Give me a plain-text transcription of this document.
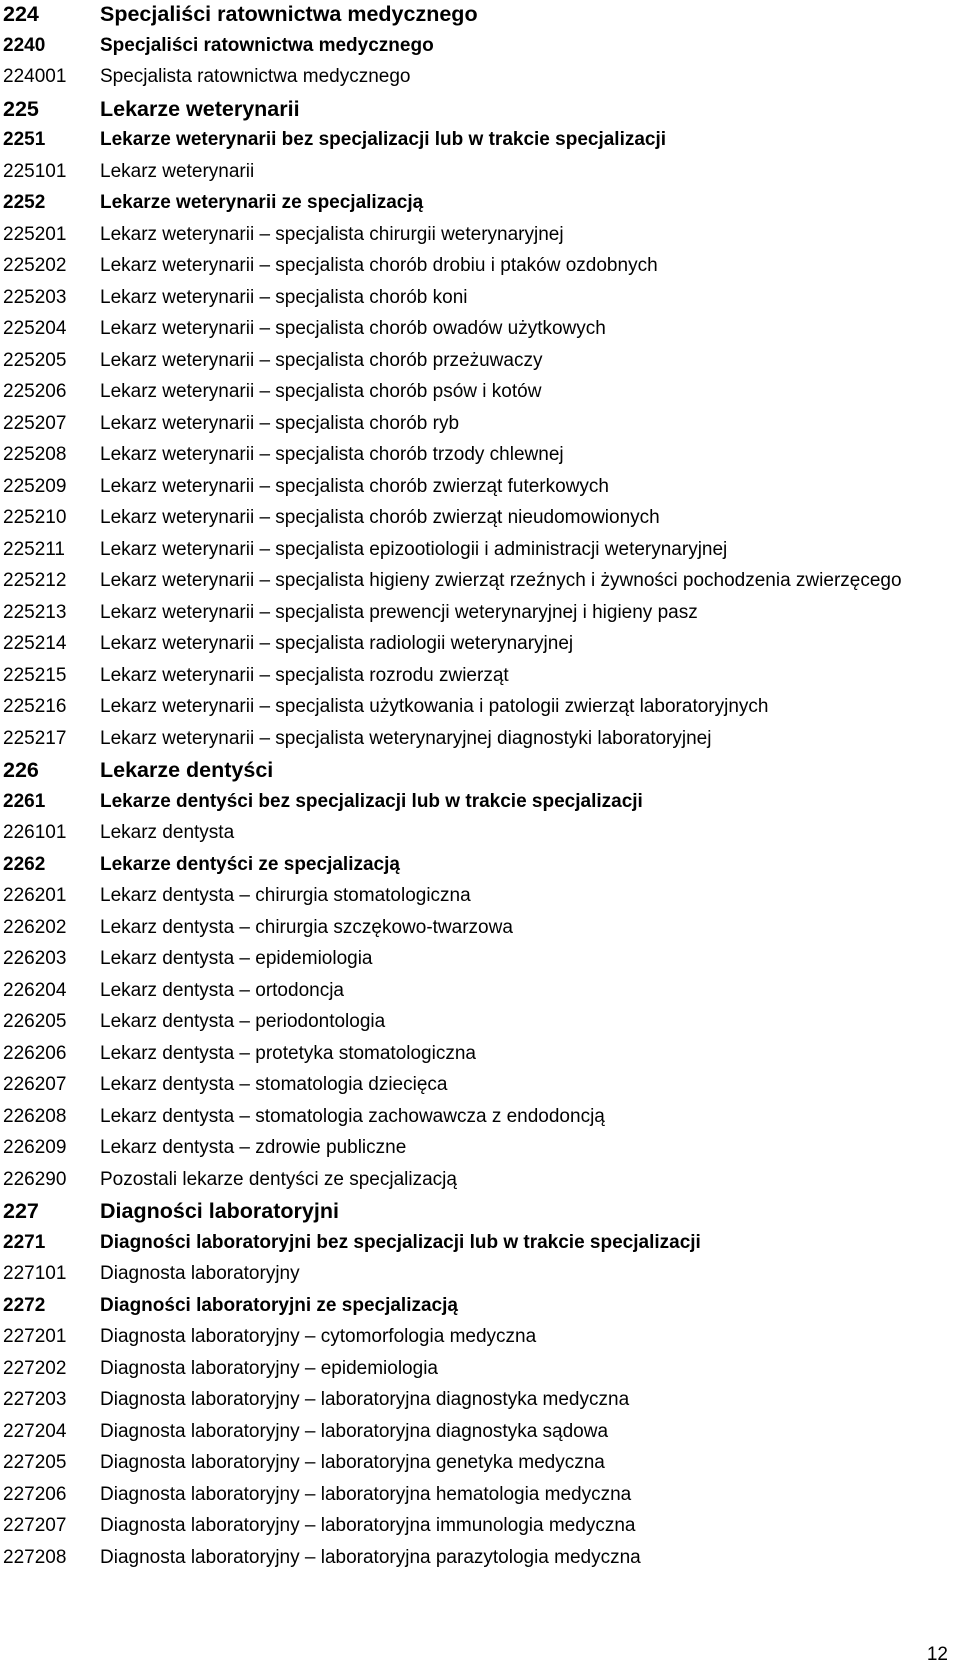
224	Specjaliści ratownictwa medycznego
2240	Specjaliści ratownictwa medycznego
224001	Specjalista ratownictwa medycznego
225	Lekarze weterynarii
2251	Lekarze weterynarii bez specjalizacji lub w trakcie specjalizacji
225101	Lekarz weterynarii
2252	Lekarze weterynarii ze specjalizacją
225201	Lekarz weterynarii – specjalista chirurgii weterynaryjnej
225202	Lekarz weterynarii – specjalista chorób drobiu i ptaków ozdobnych
225203	Lekarz weterynarii – specjalista chorób koni
225204	Lekarz weterynarii – specjalista chorób owadów użytkowych
225205	Lekarz weterynarii – specjalista chorób przeżuwaczy
225206	Lekarz weterynarii – specjalista chorób psów i kotów
225207	Lekarz weterynarii – specjalista chorób ryb
225208	Lekarz weterynarii – specjalista chorób trzody chlewnej
225209	Lekarz weterynarii – specjalista chorób zwierząt futerkowych
225210	Lekarz weterynarii – specjalista chorób zwierząt nieudomowionych
225211	Lekarz weterynarii – specjalista epizootiologii i administracji weterynaryjnej
225212	Lekarz weterynarii – specjalista higieny zwierząt rzeźnych i żywności pochodzenia zwierzęcego
225213	Lekarz weterynarii – specjalista prewencji weterynaryjnej i higieny pasz
225214	Lekarz weterynarii – specjalista radiologii weterynaryjnej
225215	Lekarz weterynarii – specjalista rozrodu zwierząt
225216	Lekarz weterynarii – specjalista użytkowania i patologii zwierząt laboratoryjnych
225217	Lekarz weterynarii – specjalista weterynaryjnej diagnostyki laboratoryjnej
226	Lekarze dentyści
2261	Lekarze dentyści bez specjalizacji lub w trakcie specjalizacji
226101	Lekarz dentysta
2262	Lekarze dentyści ze specjalizacją
226201	Lekarz dentysta – chirurgia stomatologiczna
226202	Lekarz dentysta – chirurgia szczękowo-twarzowa
226203	Lekarz dentysta – epidemiologia
226204	Lekarz dentysta – ortodoncja
226205	Lekarz dentysta – periodontologia
226206	Lekarz dentysta – protetyka stomatologiczna
226207	Lekarz dentysta – stomatologia dziecięca
226208	Lekarz dentysta – stomatologia zachowawcza z endodoncją
226209	Lekarz dentysta – zdrowie publiczne
226290	Pozostali lekarze dentyści ze specjalizacją
227	Diagności laboratoryjni
2271	Diagności laboratoryjni bez specjalizacji lub w trakcie specjalizacji
227101	Diagnosta laboratoryjny
2272	Diagności laboratoryjni ze specjalizacją
227201	Diagnosta laboratoryjny – cytomorfologia medyczna
227202	Diagnosta laboratoryjny – epidemiologia
227203	Diagnosta laboratoryjny – laboratoryjna diagnostyka medyczna
227204	Diagnosta laboratoryjny – laboratoryjna diagnostyka sądowa
227205	Diagnosta laboratoryjny – laboratoryjna genetyka medyczna
227206	Diagnosta laboratoryjny – laboratoryjna hematologia medyczna
227207	Diagnosta laboratoryjny – laboratoryjna immunologia medyczna
227208	Diagnosta laboratoryjny – laboratoryjna parazytologia medyczna
12
